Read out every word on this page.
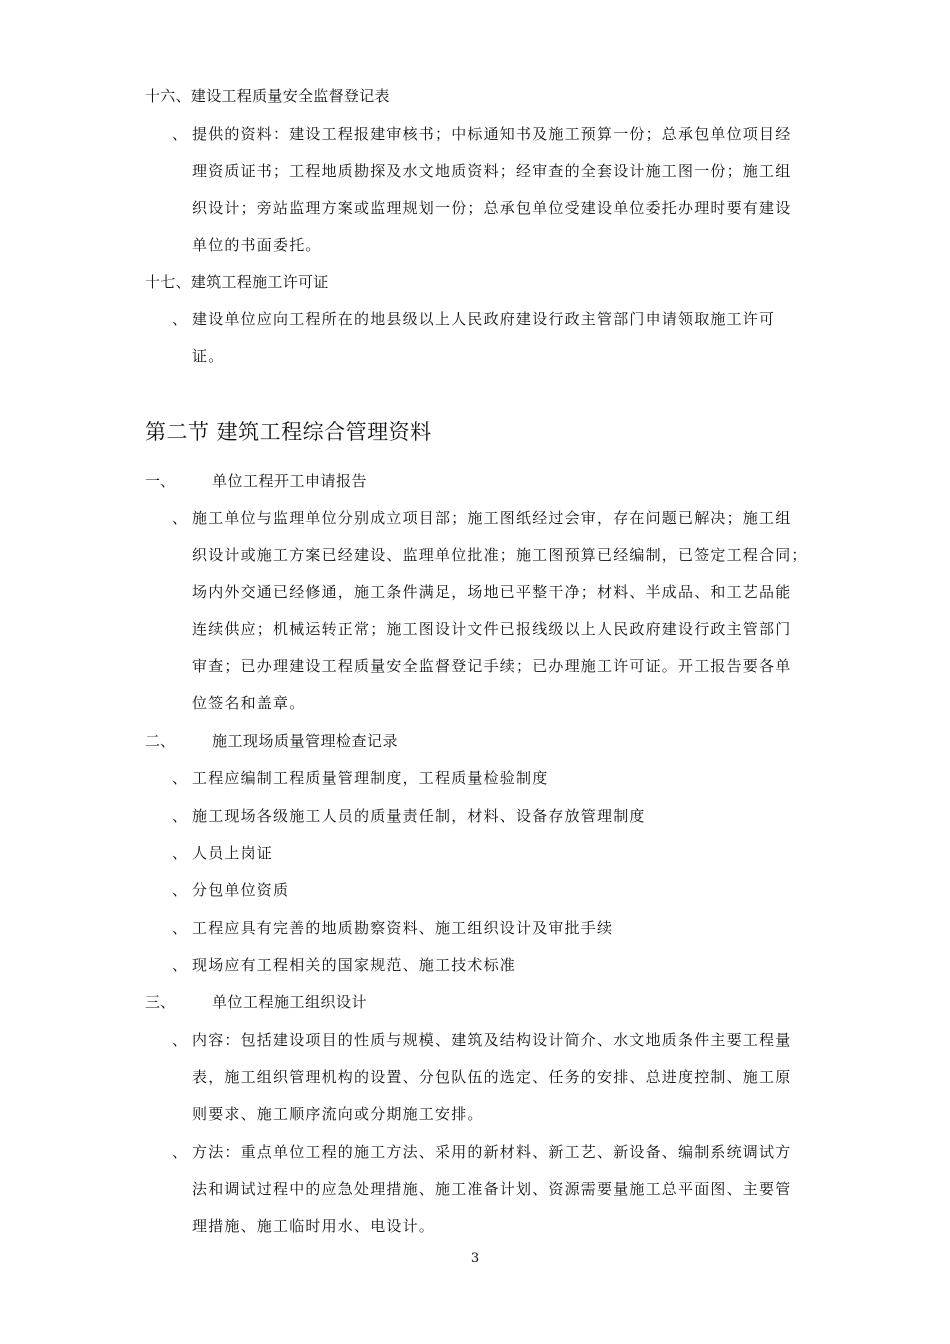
十六、建设工程质量安全监督登记表
、 提供的资料：建设工程报建审核书；中标通知书及施工预算一份；总承包单位项目经
理资质证书；工程地质勘探及水文地质资料；经审查的全套设计施工图一份；施工组
织设计；旁站监理方案或监理规划一份；总承包单位受建设单位委托办理时要有建设
单位的书面委托。
十七、建筑工程施工许可证
、 建设单位应向工程所在的地县级以上人民政府建设行政主管部门申请领取施工许可
证。
第二节 建筑工程综合管理资料
一、 单位工程开工申请报告
、 施工单位与监理单位分别成立项目部；施工图纸经过会审，存在问题已解决；施工组
织设计或施工方案已经建设、监理单位批准；施工图预算已经编制，已签定工程合同；
场内外交通已经修通，施工条件满足，场地已平整干净；材料、半成品、和工艺品能
连续供应；机械运转正常；施工图设计文件已报线级以上人民政府建设行政主管部门
审查；已办理建设工程质量安全监督登记手续；已办理施工许可证。开工报告要各单
位签名和盖章。
二、 施工现场质量管理检查记录
、 工程应编制工程质量管理制度，工程质量检验制度
、 施工现场各级施工人员的质量责任制，材料、设备存放管理制度
、 人员上岗证
、 分包单位资质
、 工程应具有完善的地质勘察资料、施工组织设计及审批手续
、 现场应有工程相关的国家规范、施工技术标准
三、 单位工程施工组织设计
、 内容：包括建设项目的性质与规模、建筑及结构设计简介、水文地质条件主要工程量
表，施工组织管理机构的设置、分包队伍的选定、任务的安排、总进度控制、施工原
则要求、施工顺序流向或分期施工安排。
、 方法：重点单位工程的施工方法、采用的新材料、新工艺、新设备、编制系统调试方
法和调试过程中的应急处理措施、施工准备计划、资源需要量施工总平面图、主要管
理措施、施工临时用水、电设计。
3
